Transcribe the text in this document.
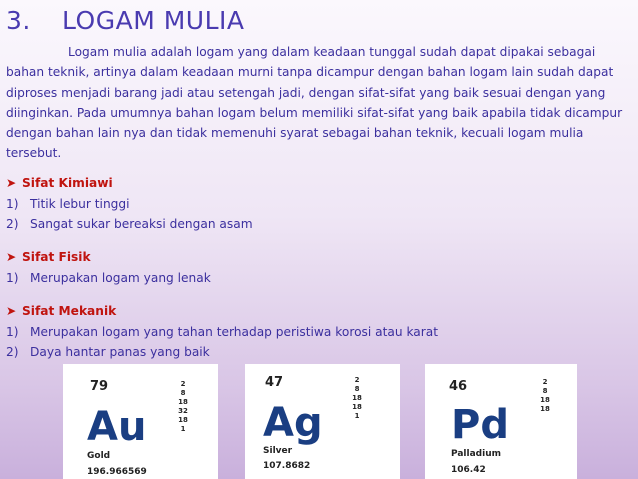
3. LOGAM MULIA

Logam mulia adalah logam yang dalam keadaan tunggal sudah dapat dipakai sebagai bahan teknik, artinya dalam keadaan murni tanpa dicampur dengan bahan logam lain sudah dapat diproses menjadi barang jadi atau setengah jadi, dengan sifat-sifat yang baik sesuai dengan yang diinginkan. Pada umumnya bahan logam belum memiliki sifat-sifat yang baik apabila tidak dicampur dengan bahan lain nya dan tidak memenuhi syarat sebagai bahan teknik, kecuali logam mulia tersebut.

➤ Sifat Kimiawi
1) Titik lebur tinggi
2) Sangat sukar bereaksi dengan asam
➤ Sifat Fisik
1) Merupakan logam yang lenak
➤ Sifat Mekanik
1) Merupakan logam yang tahan terhadap peristiwa korosi atau karat
2) Daya hantar panas yang baik
79
Au
Gold
196.966569
2
8
18
32
18
1
47
Ag
Silver
107.8682
2
8
18
18
1
46
Pd
Palladium
106.42
2
8
18
18
